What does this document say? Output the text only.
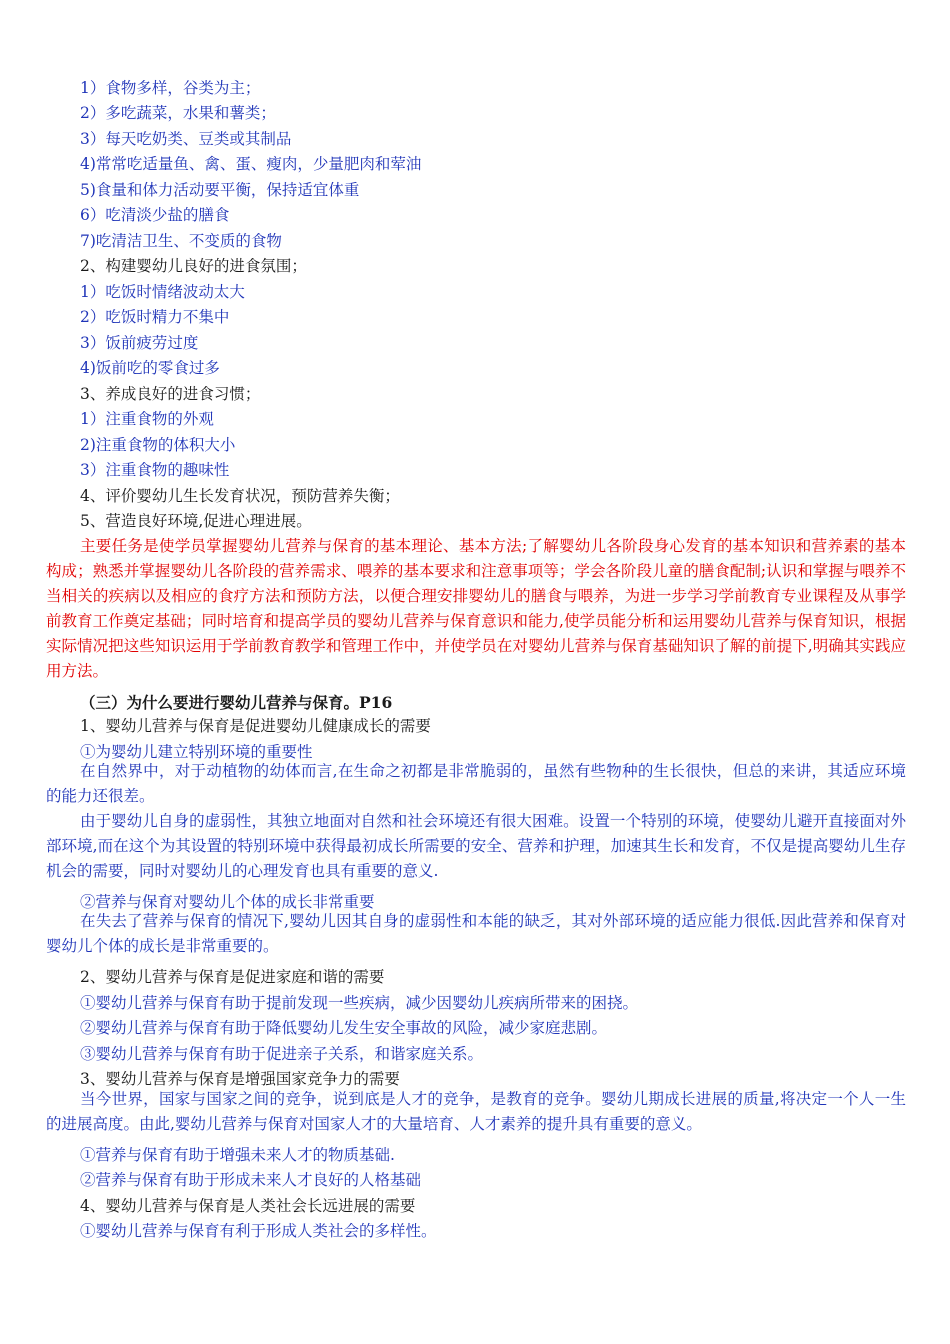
1）食物多样，谷类为主；
2）多吃蔬菜，水果和薯类；
3）每天吃奶类、豆类或其制品
4)常常吃适量鱼、禽、蛋、瘦肉，少量肥肉和荤油
5)食量和体力活动要平衡，保持适宜体重
6）吃清淡少盐的膳食
7)吃清洁卫生、不变质的食物
2、构建婴幼儿良好的进食氛围；
1）吃饭时情绪波动太大
2）吃饭时精力不集中
3）饭前疲劳过度
4)饭前吃的零食过多
3、养成良好的进食习惯；
1）注重食物的外观
2)注重食物的体积大小
3）注重食物的趣味性
4、评价婴幼儿生长发育状况，预防营养失衡；
5、营造良好环境,促进心理进展。
主要任务是使学员掌握婴幼儿营养与保育的基本理论、基本方法;了解婴幼儿各阶段身心发育的基本知识和营养素的基本构成；熟悉并掌握婴幼儿各阶段的营养需求、喂养的基本要求和注意事项等；学会各阶段儿童的膳食配制;认识和掌握与喂养不当相关的疾病以及相应的食疗方法和预防方法，以便合理安排婴幼儿的膳食与喂养，为进一步学习学前教育专业课程及从事学前教育工作奠定基础；同时培育和提高学员的婴幼儿营养与保育意识和能力,使学员能分析和运用婴幼儿营养与保育知识，根据实际情况把这些知识运用于学前教育教学和管理工作中，并使学员在对婴幼儿营养与保育基础知识了解的前提下,明确其实践应用方法。
（三）为什么要进行婴幼儿营养与保育。P16
1、婴幼儿营养与保育是促进婴幼儿健康成长的需要
①为婴幼儿建立特别环境的重要性
在自然界中，对于动植物的幼体而言,在生命之初都是非常脆弱的，虽然有些物种的生长很快，但总的来讲，其适应环境的能力还很差。
由于婴幼儿自身的虚弱性，其独立地面对自然和社会环境还有很大困难。设置一个特别的环境，使婴幼儿避开直接面对外部环境,而在这个为其设置的特别环境中获得最初成长所需要的安全、营养和护理，加速其生长和发育，不仅是提高婴幼儿生存机会的需要，同时对婴幼儿的心理发育也具有重要的意义.
②营养与保育对婴幼儿个体的成长非常重要
在失去了营养与保育的情况下,婴幼儿因其自身的虚弱性和本能的缺乏，其对外部环境的适应能力很低.因此营养和保育对婴幼儿个体的成长是非常重要的。
2、婴幼儿营养与保育是促进家庭和谐的需要
①婴幼儿营养与保育有助于提前发现一些疾病，减少因婴幼儿疾病所带来的困挠。
②婴幼儿营养与保育有助于降低婴幼儿发生安全事故的风险，减少家庭悲剧。
③婴幼儿营养与保育有助于促进亲子关系，和谐家庭关系。
3、婴幼儿营养与保育是增强国家竞争力的需要
当今世界，国家与国家之间的竞争，说到底是人才的竞争，是教育的竞争。婴幼儿期成长进展的质量,将决定一个人一生的进展高度。由此,婴幼儿营养与保育对国家人才的大量培育、人才素养的提升具有重要的意义。
①营养与保育有助于增强未来人才的物质基础.
②营养与保育有助于形成未来人才良好的人格基础
4、婴幼儿营养与保育是人类社会长远进展的需要
①婴幼儿营养与保育有利于形成人类社会的多样性。
